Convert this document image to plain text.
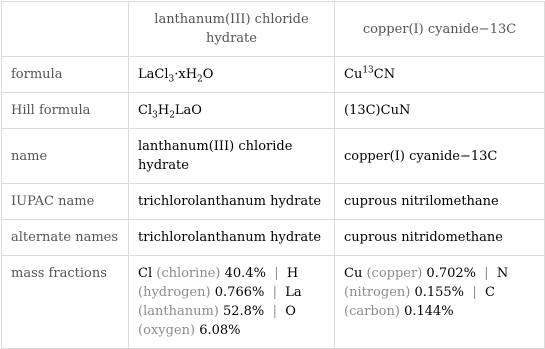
	lanthanum(III) chloride hydrate	copper(I) cyanide−13C
formula	$LaCl_3\cdot xH_2O$	Cu$^{13}$CN
Hill formula	$Cl_3H_2LaO$	(13C)CuN
name	lanthanum(III) chloride hydrate	copper(I) cyanide−13C
IUPAC name	trichlorolanthanum hydrate	cuprous nitrilomethane
alternate names	trichlorolanthanum hydrate	cuprous nitridomethane
mass fractions	Cl (chlorine) 40.4% | H (hydrogen) 0.766% | La (lanthanum) 52.8% | O (oxygen) 6.08%	Cu (copper) 0.702% | N (nitrogen) 0.155% | C (carbon) 0.144%
